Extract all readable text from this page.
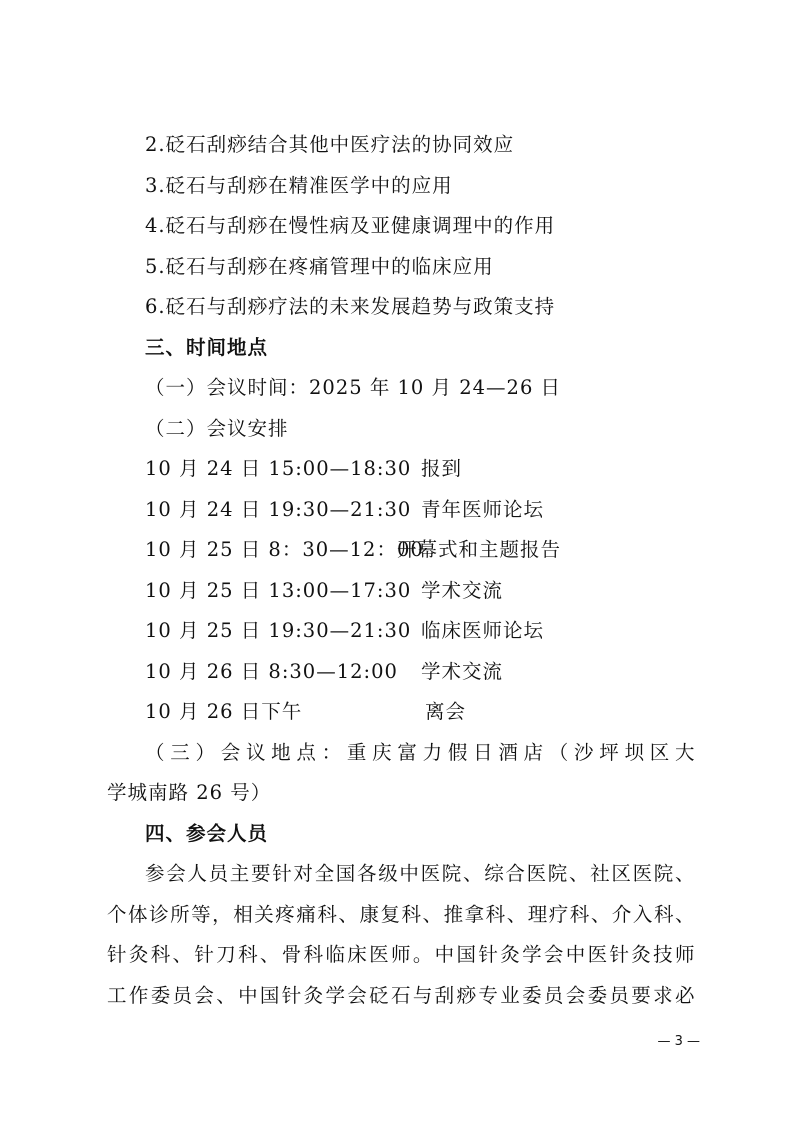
2.砭石刮痧结合其他中医疗法的协同效应
3.砭石与刮痧在精准医学中的应用
4.砭石与刮痧在慢性病及亚健康调理中的作用
5.砭石与刮痧在疼痛管理中的临床应用
6.砭石与刮痧疗法的未来发展趋势与政策支持
三、时间地点
（一）会议时间：2025 年 10 月 24—26 日
（二）会议安排
10 月 24 日 15:00—18:30 报到
10 月 24 日 19:30—21:30 青年医师论坛
10 月 25 日 8：30—12：00
开幕式和主题报告
10 月 25 日 13:00—17:30 学术交流
10 月 25 日 19:30—21:30 临床医师论坛
10 月 26 日 8:30—12:00 学术交流
10 月 26 日下午	离会
（三）会议地点：重庆富力假日酒店（沙坪坝区大
学城南路 26 号）
四、参会人员
参会人员主要针对全国各级中医院、综合医院、社区医院、
个体诊所等，相关疼痛科、康复科、推拿科、理疗科、介入科、
针灸科、针刀科、骨科临床医师。中国针灸学会中医针灸技师
工作委员会、中国针灸学会砭石与刮痧专业委员会委员要求必
— 3 —
